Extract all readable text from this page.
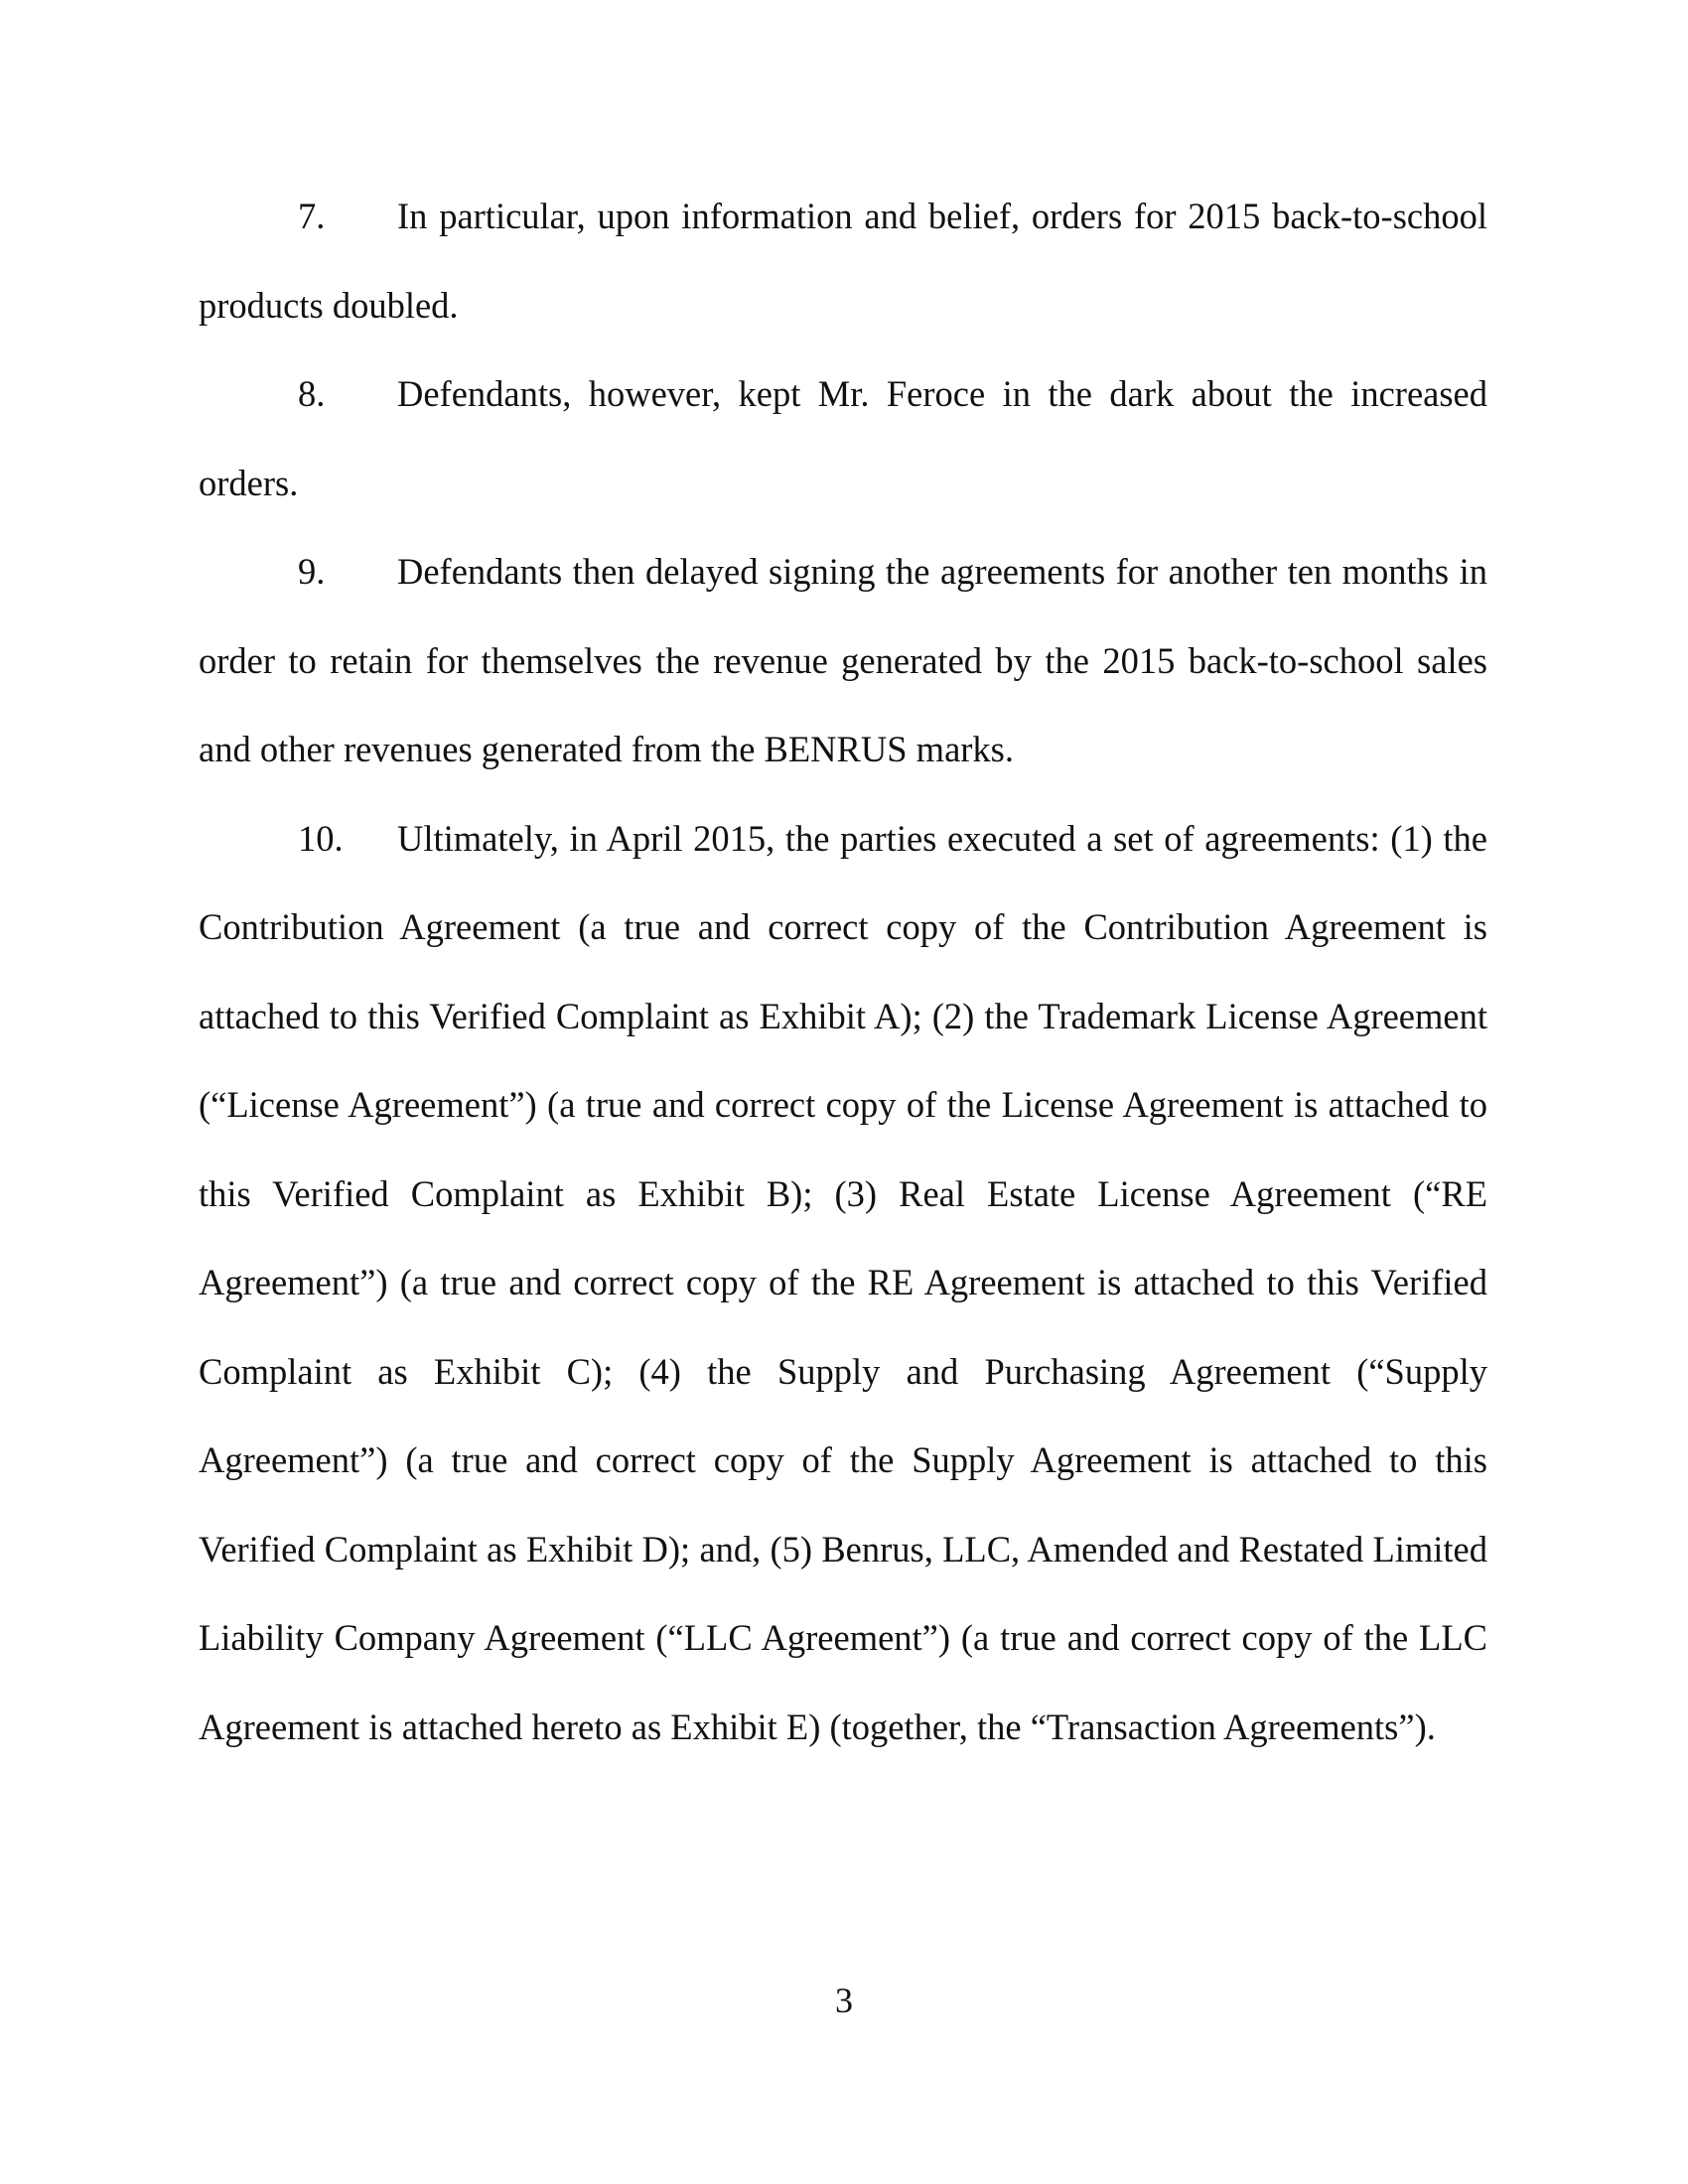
7. In particular, upon information and belief, orders for 2015 back-to-school products doubled.

8. Defendants, however, kept Mr. Feroce in the dark about the increased orders.

9. Defendants then delayed signing the agreements for another ten months in order to retain for themselves the revenue generated by the 2015 back-to-school sales and other revenues generated from the BENRUS marks.

10. Ultimately, in April 2015, the parties executed a set of agreements: (1) the Contribution Agreement (a true and correct copy of the Contribution Agreement is attached to this Verified Complaint as Exhibit A); (2) the Trademark License Agreement (“License Agreement”) (a true and correct copy of the License Agreement is attached to this Verified Complaint as Exhibit B); (3) Real Estate License Agreement (“RE Agreement”) (a true and correct copy of the RE Agreement is attached to this Verified Complaint as Exhibit C); (4) the Supply and Purchasing Agreement (“Supply Agreement”) (a true and correct copy of the Supply Agreement is attached to this Verified Complaint as Exhibit D); and, (5) Benrus, LLC, Amended and Restated Limited Liability Company Agreement (“LLC Agreement”) (a true and correct copy of the LLC Agreement is attached hereto as Exhibit E) (together, the “Transaction Agreements”).

3
